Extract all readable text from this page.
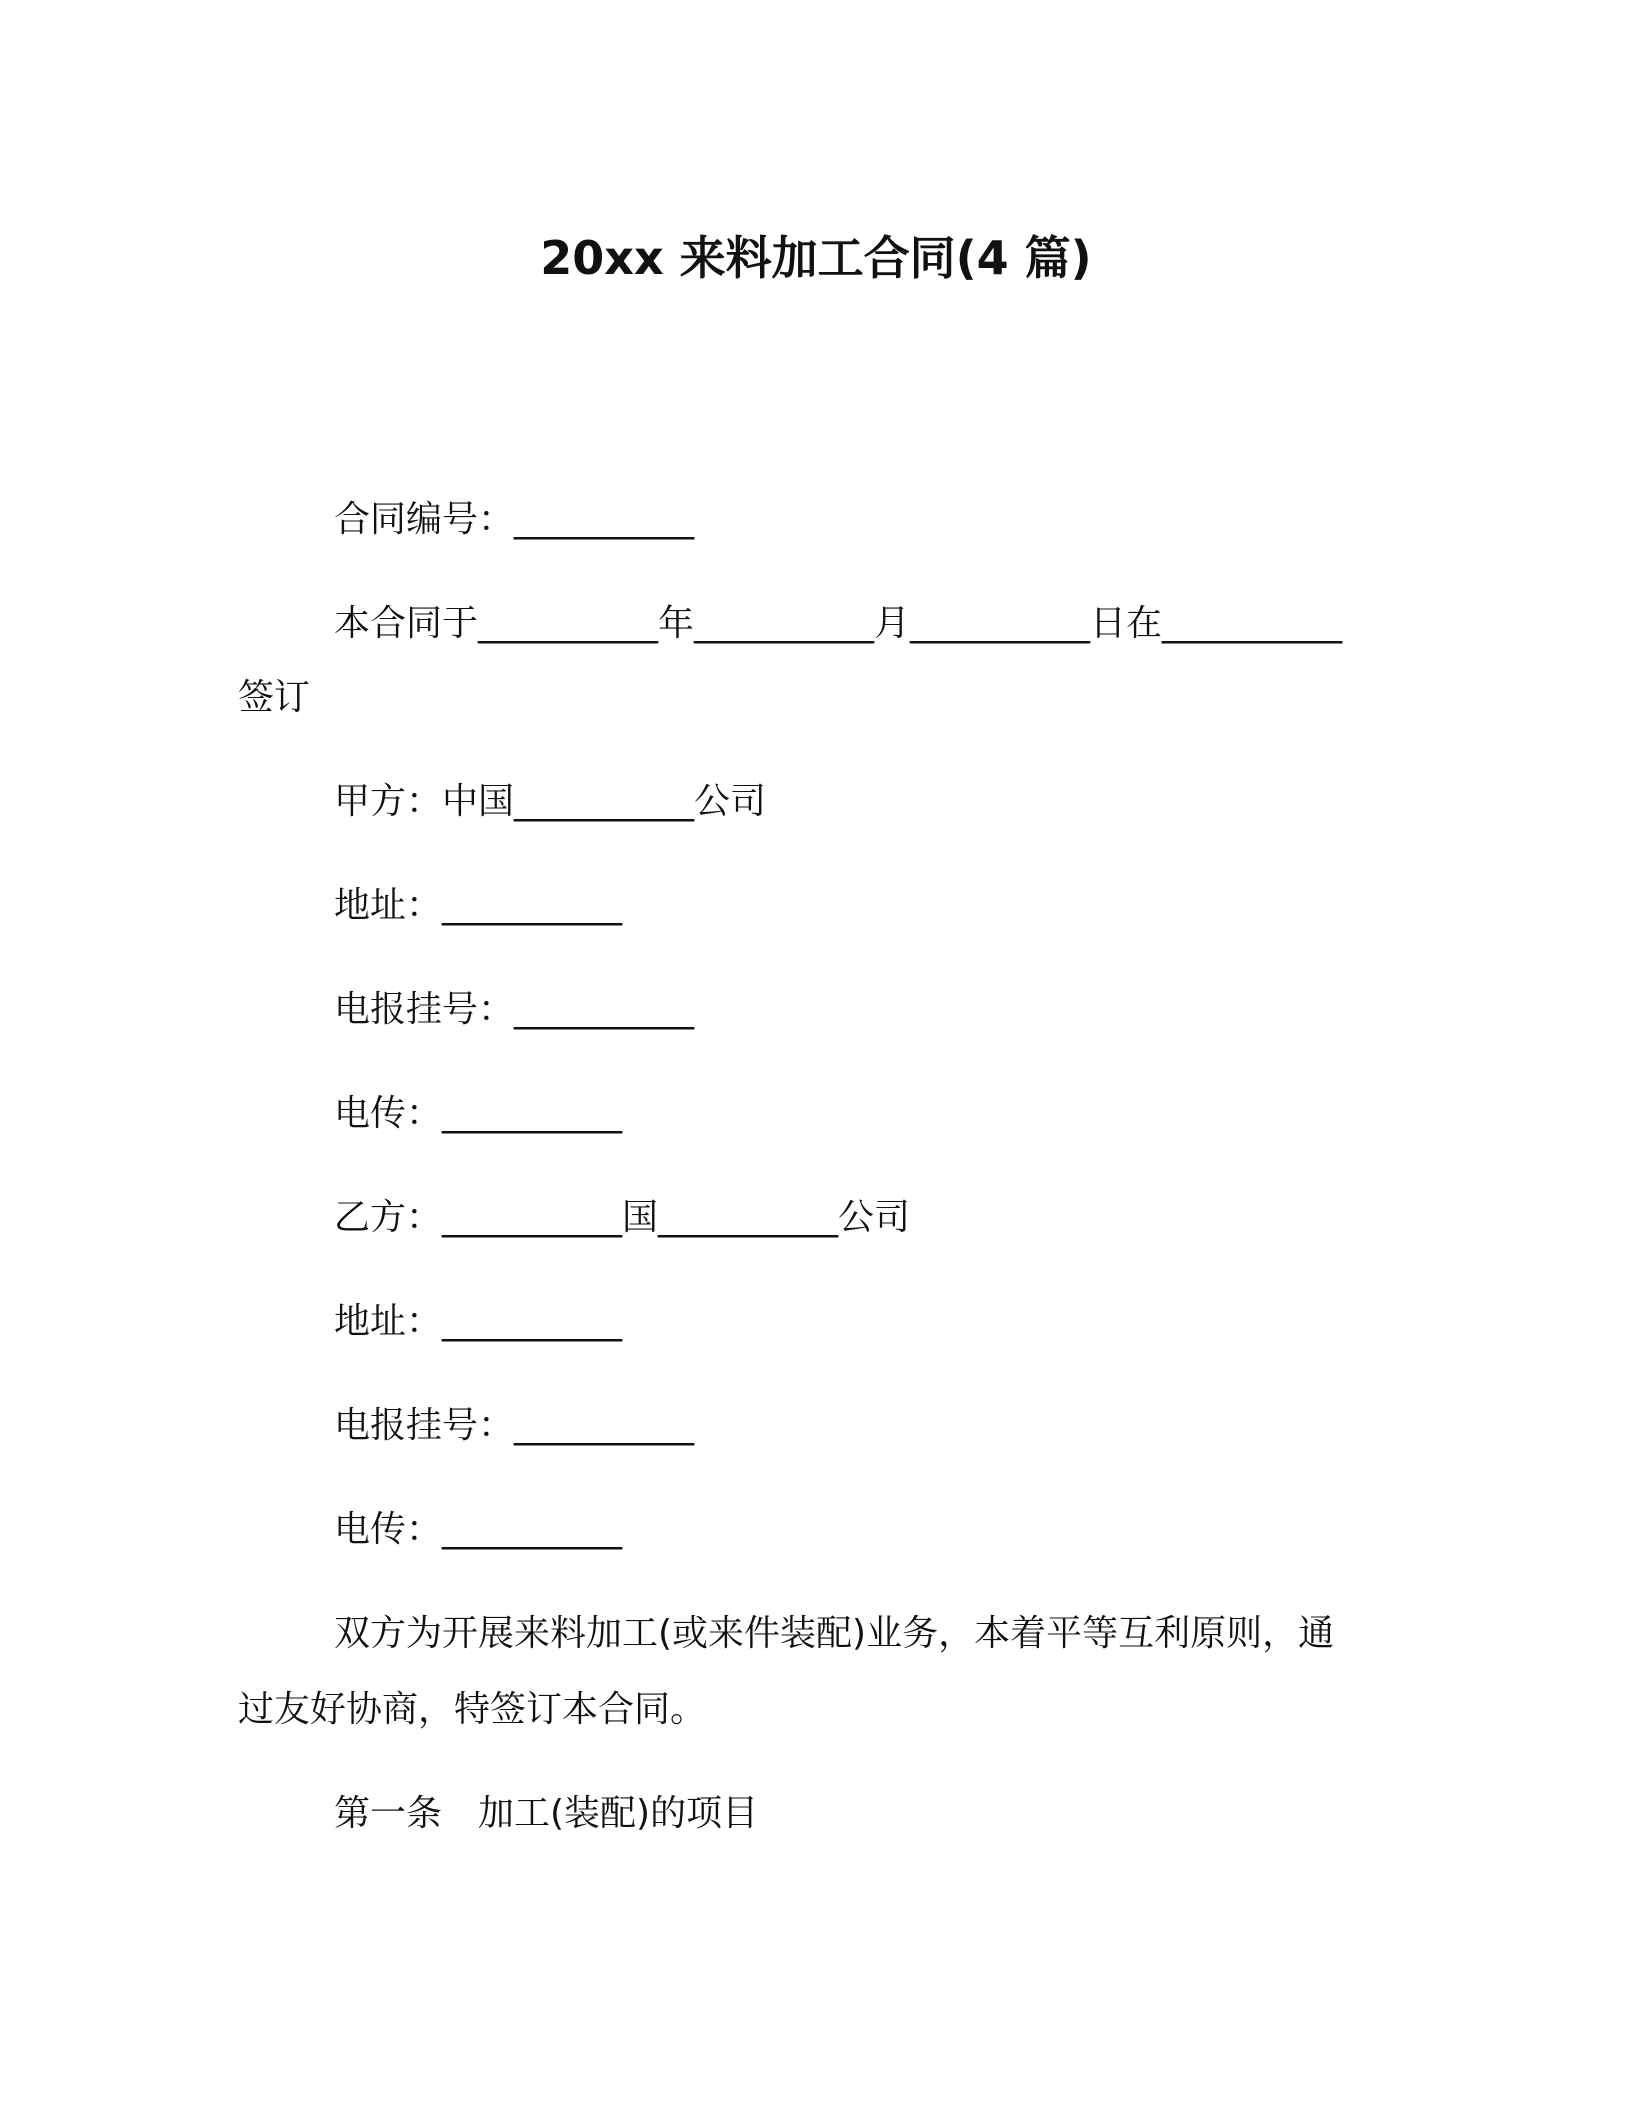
20xx 来料加工合同(4 篇)
合同编号：__________
本合同于__________年__________月__________日在__________
签订
甲方：中国__________公司
地址：__________
电报挂号：__________
电传：__________
乙方：__________国__________公司
地址：__________
电报挂号：__________
电传：__________
双方为开展来料加工(或来件装配)业务，本着平等互利原则，通
过友好协商，特签订本合同。
第一条　加工(装配)的项目
